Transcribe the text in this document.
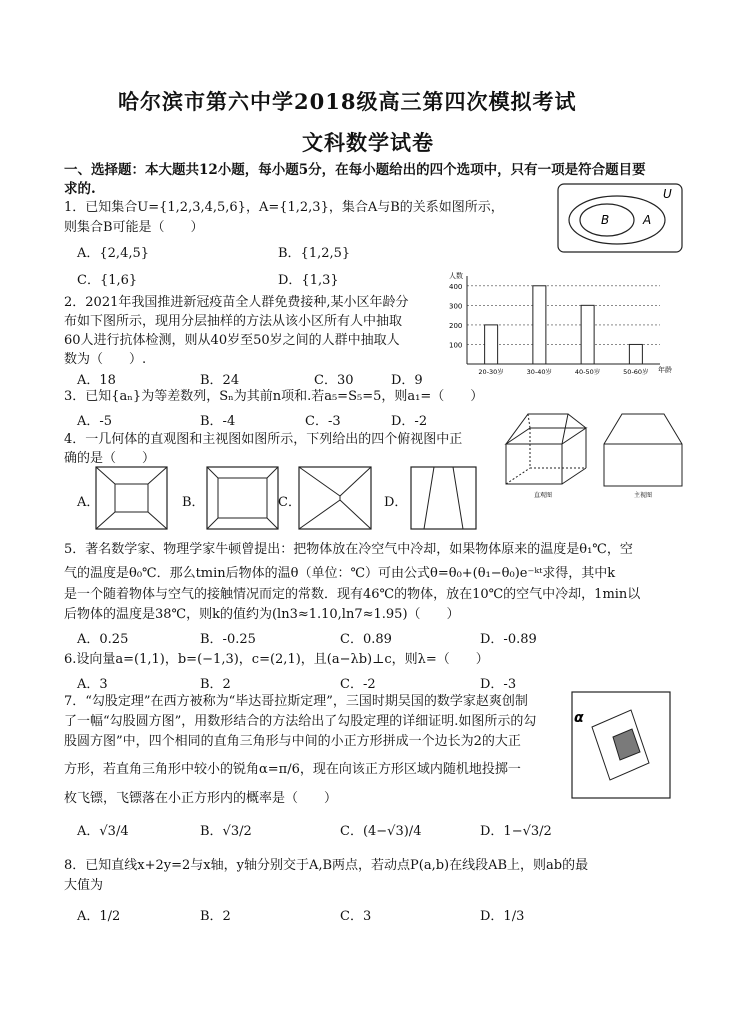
哈尔滨市第六中学2018级高三第四次模拟考试
文科数学试卷
一、选择题：本大题共12小题，每小题5分，在每小题给出的四个选项中，只有一项是符合题目要
求的.
1．已知集合U={1,2,3,4,5,6}，A={1,2,3}，集合A与B的关系如图所示，
则集合B可能是（　　）
A．{2,4,5}	B．{1,2,5}
C．{1,6}	D．{1,3}
U
B	A
2．2021年我国推进新冠疫苗全人群免费接种,某小区年龄分
布如下图所示，现用分层抽样的方法从该小区所有人中抽取
60人进行抗体检测，则从40岁至50岁之间的人群中抽取人
数为（　　）.
A．18	B．24	C．30	D．9
人数
年龄
100
200
300
400
20-30岁	30-40岁	40-50岁	50-60岁
3．已知{aₙ}为等差数列，Sₙ为其前n项和.若a₅=S₅=5，则a₁=（　　）
A．-5	B．-4	C．-3	D．-2
4．一几何体的直观图和主视图如图所示，下列给出的四个俯视图中正
确的是（　　）
A．	B．	C．	D．	直观图	主视图
5．著名数学家、物理学家牛顿曾提出：把物体放在冷空气中冷却，如果物体原来的温度是θ₁℃，空
气的温度是θ₀℃．那么tmin后物体的温θ（单位：℃）可由公式θ=θ₀+(θ₁−θ₀)e⁻ᵏᵗ求得，其中k
是一个随着物体与空气的接触情况而定的常数．现有46℃的物体，放在10℃的空气中冷却，1min以
后物体的温度是38℃，则k的值约为(ln3≈1.10,ln7≈1.95)（　　）
A．0.25	B．-0.25	C．0.89	D．-0.89
6.设向量a=(1,1)，b=(−1,3)，c=(2,1)，且(a−λb)⊥c，则λ=（　　）
A．3	B．2	C．-2	D．-3
7．“勾股定理”在西方被称为“毕达哥拉斯定理”，三国时期吴国的数学家赵爽创制
了一幅“勾股圆方图”，用数形结合的方法给出了勾股定理的详细证明.如图所示的勾
股圆方图”中，四个相同的直角三角形与中间的小正方形拼成一个边长为2的大正
方形，若直角三角形中较小的锐角α=π/6，现在向该正方形区域内随机地投掷一
枚飞镖，飞镖落在小正方形内的概率是（　　）
A．√3/4	B．√3/2	C．(4−√3)/4	D．1−√3/2
α
8．已知直线x+2y=2与x轴，y轴分别交于A,B两点，若动点P(a,b)在线段AB上，则ab的最
大值为
A．1/2	B．2	C．3	D．1/3
